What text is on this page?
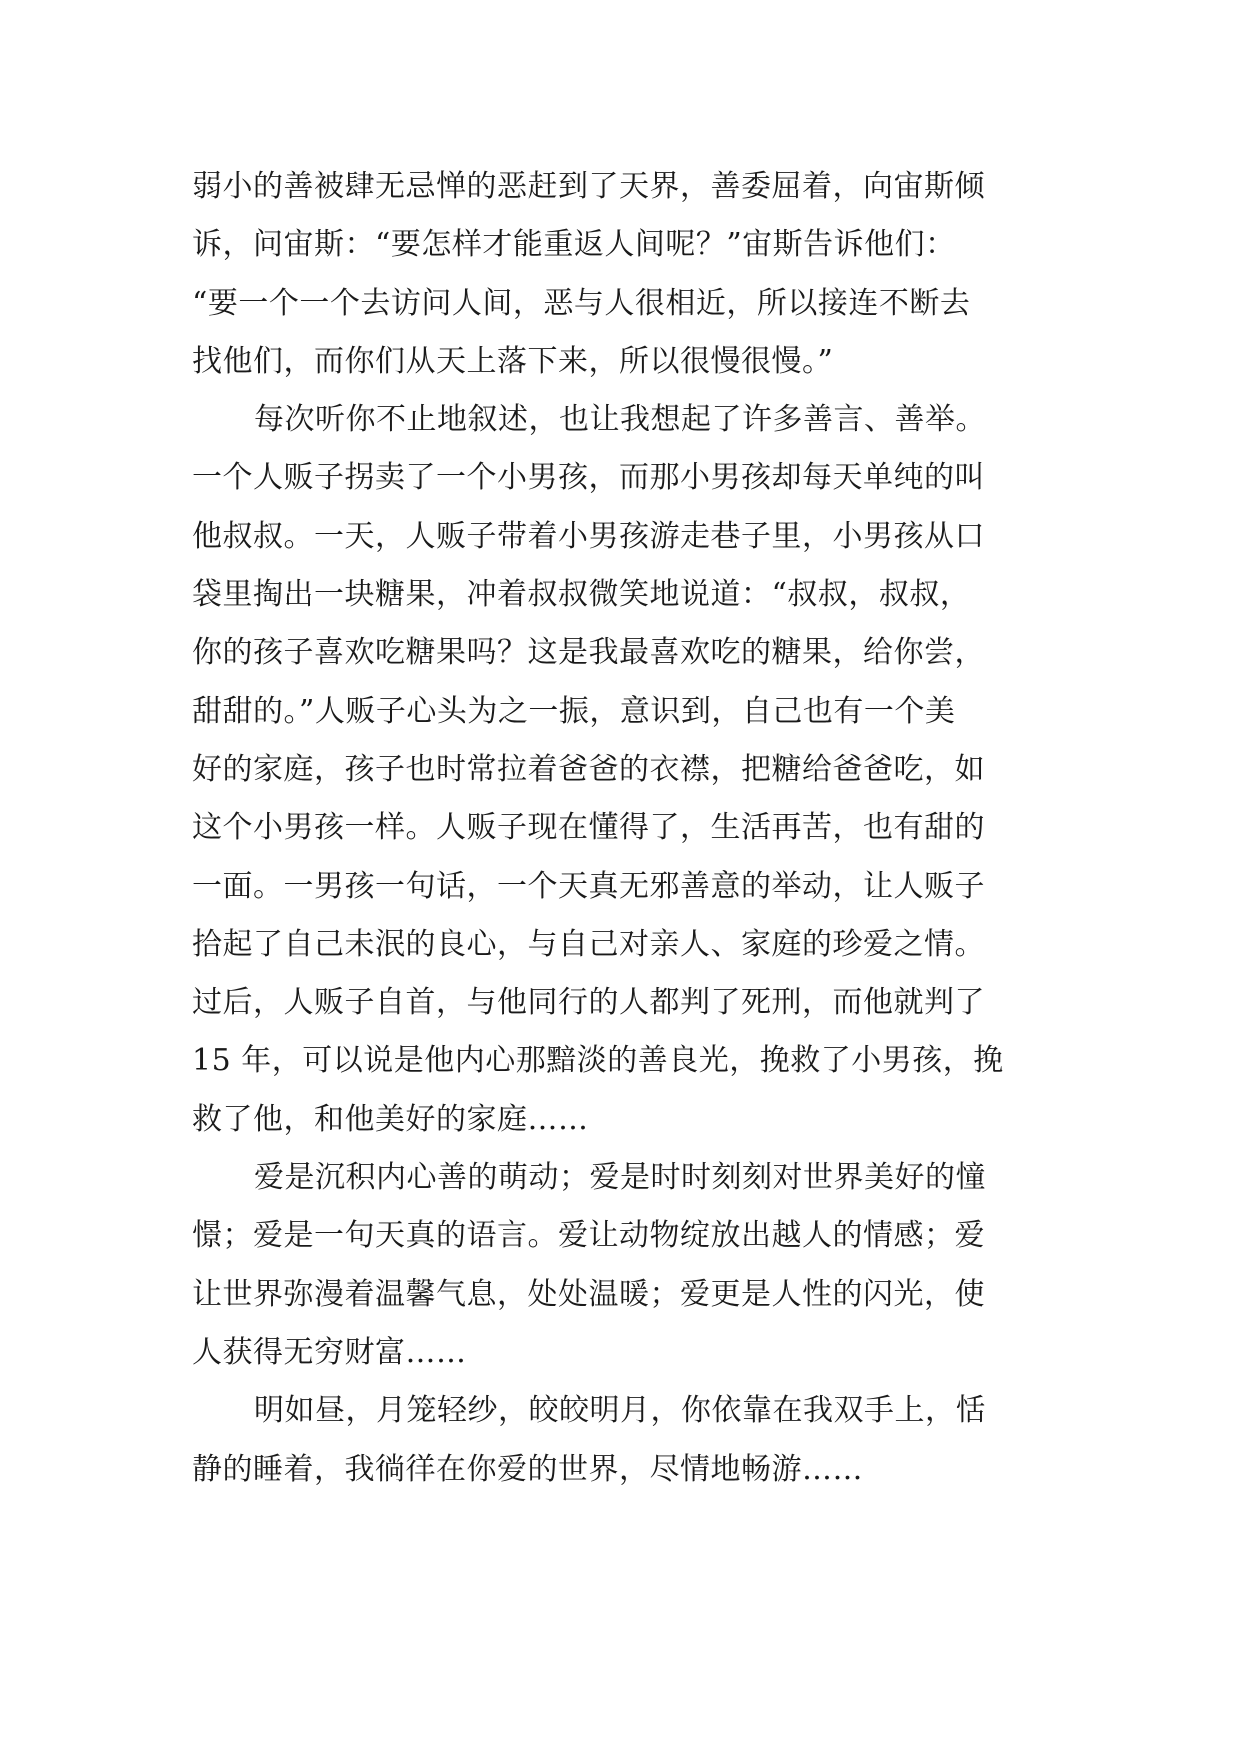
弱小的善被肆无忌惮的恶赶到了天界，善委屈着，向宙斯倾
诉，问宙斯：“要怎样才能重返人间呢？”宙斯告诉他们：
“要一个一个去访问人间，恶与人很相近，所以接连不断去
找他们，而你们从天上落下来，所以很慢很慢。”
每次听你不止地叙述，也让我想起了许多善言、善举。
一个人贩子拐卖了一个小男孩，而那小男孩却每天单纯的叫
他叔叔。一天，人贩子带着小男孩游走巷子里，小男孩从口
袋里掏出一块糖果，冲着叔叔微笑地说道：“叔叔，叔叔，
你的孩子喜欢吃糖果吗？这是我最喜欢吃的糖果，给你尝，
甜甜的。”人贩子心头为之一振，意识到，自己也有一个美
好的家庭，孩子也时常拉着爸爸的衣襟，把糖给爸爸吃，如
这个小男孩一样。人贩子现在懂得了，生活再苦，也有甜的
一面。一男孩一句话，一个天真无邪善意的举动，让人贩子
拾起了自己未泯的良心，与自己对亲人、家庭的珍爱之情。
过后，人贩子自首，与他同行的人都判了死刑，而他就判了
15 年，可以说是他内心那黯淡的善良光，挽救了小男孩，挽
救了他，和他美好的家庭……
爱是沉积内心善的萌动；爱是时时刻刻对世界美好的憧
憬；爱是一句天真的语言。爱让动物绽放出越人的情感；爱
让世界弥漫着温馨气息，处处温暖；爱更是人性的闪光，使
人获得无穷财富……
明如昼，月笼轻纱，皎皎明月，你依靠在我双手上，恬
静的睡着，我徜徉在你爱的世界，尽情地畅游……
